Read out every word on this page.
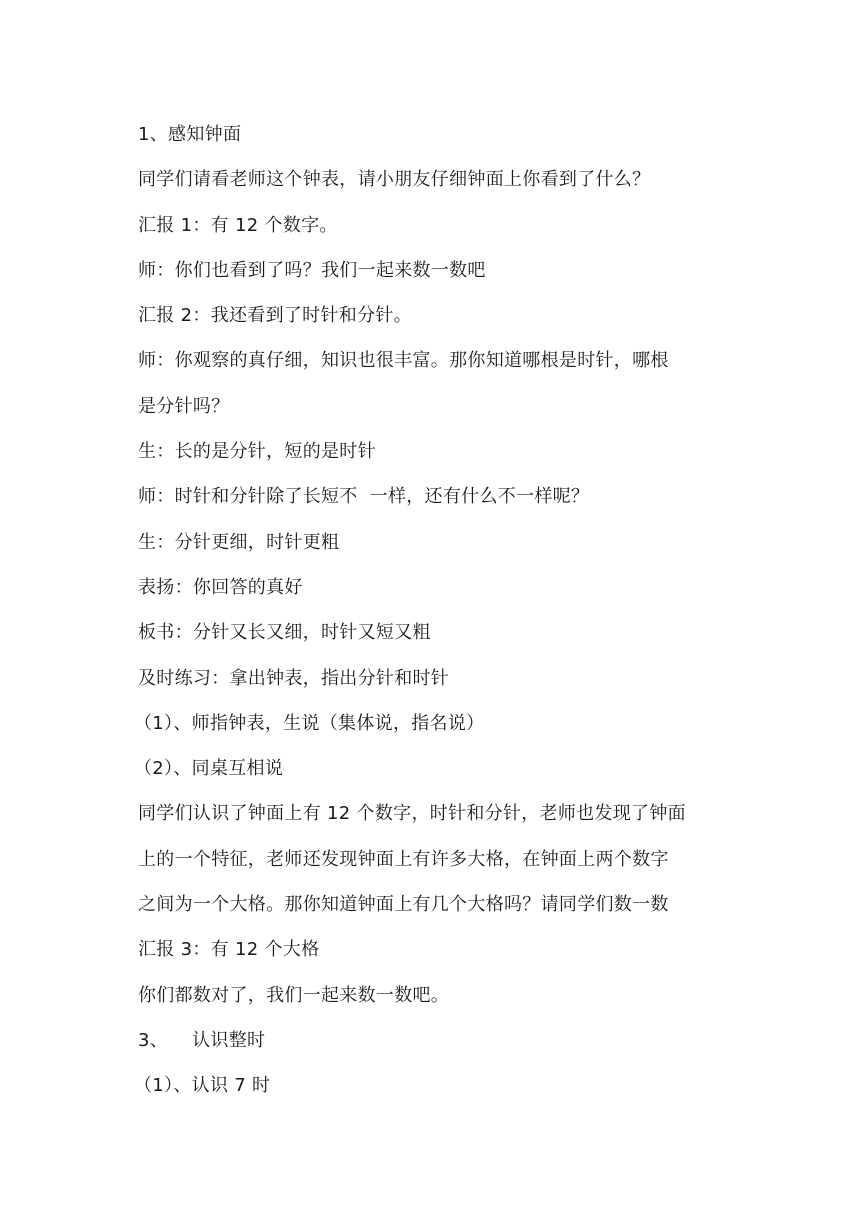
1、感知钟面
同学们请看老师这个钟表，请小朋友仔细钟面上你看到了什么？
汇报 1：有 12 个数字。
师：你们也看到了吗？我们一起来数一数吧
汇报 2：我还看到了时针和分针。
师：你观察的真仔细，知识也很丰富。那你知道哪根是时针，哪根
是分针吗？
生：长的是分针，短的是时针
师：时针和分针除了长短不  一样，还有什么不一样呢？
生：分针更细，时针更粗
表扬：你回答的真好
板书：分针又长又细，时针又短又粗
及时练习：拿出钟表，指出分针和时针
（1）、师指钟表，生说（集体说，指名说）
（2）、同桌互相说
同学们认识了钟面上有 12 个数字，时针和分针，老师也发现了钟面
上的一个特征，老师还发现钟面上有许多大格，在钟面上两个数字
之间为一个大格。那你知道钟面上有几个大格吗？请同学们数一数
汇报 3：有 12 个大格
你们都数对了，我们一起来数一数吧。
3、    认识整时
（1）、认识 7 时
